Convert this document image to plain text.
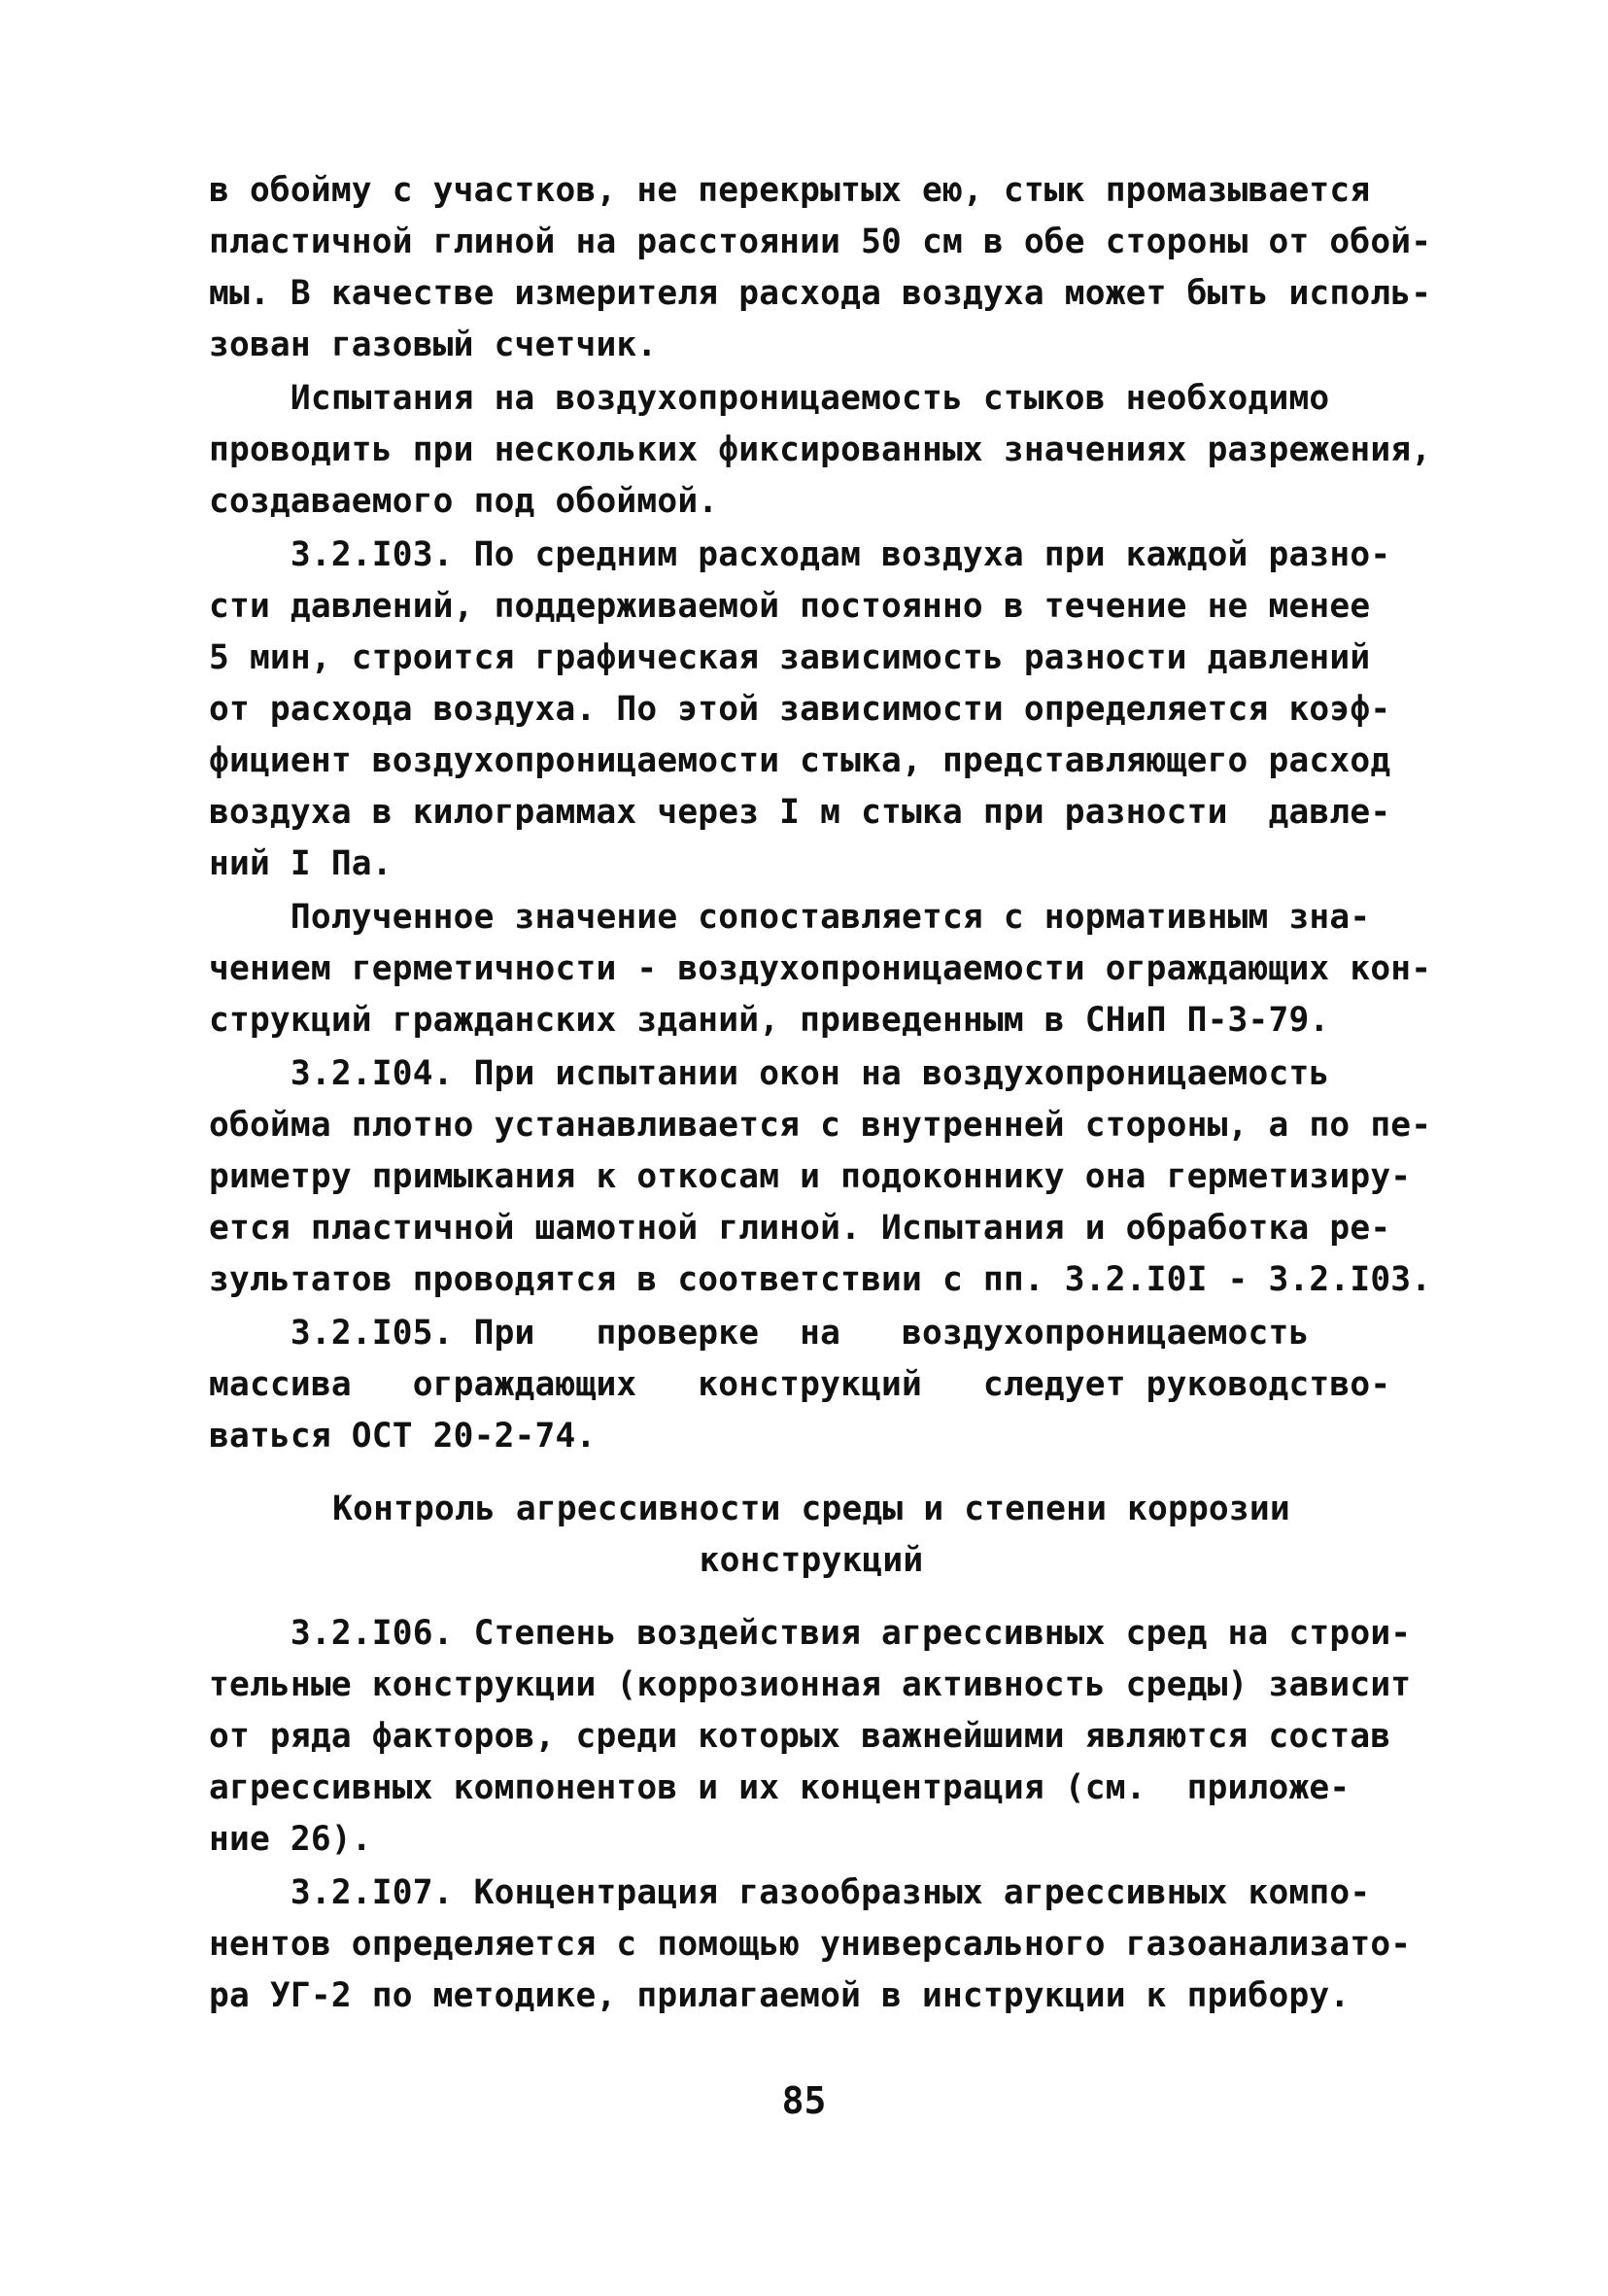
в обойму с участков, не перекрытых ею, стык промазывается
пластичной глиной на расстоянии 50 см в обе стороны от обой-
мы. В качестве измерителя расхода воздуха может быть исполь-
зован газовый счетчик.
Испытания на воздухопроницаемость стыков необходимо
проводить при нескольких фиксированных значениях разрежения,
создаваемого под обоймой.
3.2.I03. По средним расходам воздуха при каждой разно-
сти давлений, поддерживаемой постоянно в течение не менее
5 мин, строится графическая зависимость разности давлений
от расхода воздуха. По этой зависимости определяется коэф-
фициент воздухопроницаемости стыка, представляющего расход
воздуха в килограммах через I м стыка при разности  давле-
ний I Па.
Полученное значение сопоставляется с нормативным зна-
чением герметичности - воздухопроницаемости ограждающих кон-
струкций гражданских зданий, приведенным в СНиП П-3-79.
3.2.I04. При испытании окон на воздухопроницаемость
обойма плотно устанавливается с внутренней стороны, а по пе-
риметру примыкания к откосам и подоконнику она герметизиру-
ется пластичной шамотной глиной. Испытания и обработка ре-
зультатов проводятся в соответствии с пп. 3.2.I0I - 3.2.I03.
3.2.I05. При   проверке  на   воздухопроницаемость
массива   ограждающих   конструкций   следует руководство-
ваться ОСТ 20-2-74.
Контроль агрессивности среды и степени коррозии
конструкций
3.2.I06. Степень воздействия агрессивных сред на строи-
тельные конструкции (коррозионная активность среды) зависит
от ряда факторов, среди которых важнейшими являются состав
агрессивных компонентов и их концентрация (см.  приложе-
ние 26).
3.2.I07. Концентрация газообразных агрессивных компо-
нентов определяется с помощью универсального газоанализато-
ра УГ-2 по методике, прилагаемой в инструкции к прибору.
85
